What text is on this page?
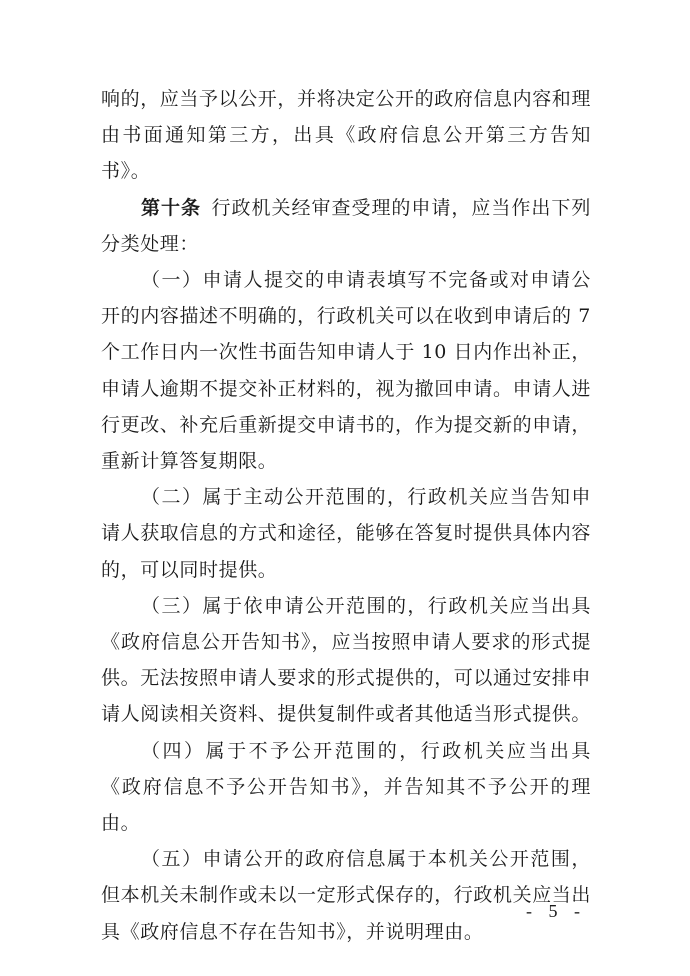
响的，应当予以公开，并将决定公开的政府信息内容和理由书面通知第三方，出具《政府信息公开第三方告知书》。

第十条  行政机关经审查受理的申请，应当作出下列分类处理：

（一）申请人提交的申请表填写不完备或对申请公开的内容描述不明确的，行政机关可以在收到申请后的 7 个工作日内一次性书面告知申请人于 10 日内作出补正，申请人逾期不提交补正材料的，视为撤回申请。申请人进行更改、补充后重新提交申请书的，作为提交新的申请，重新计算答复期限。

（二）属于主动公开范围的，行政机关应当告知申请人获取信息的方式和途径，能够在答复时提供具体内容的，可以同时提供。

（三）属于依申请公开范围的，行政机关应当出具《政府信息公开告知书》，应当按照申请人要求的形式提供。无法按照申请人要求的形式提供的，可以通过安排申请人阅读相关资料、提供复制件或者其他适当形式提供。

（四）属于不予公开范围的，行政机关应当出具《政府信息不予公开告知书》，并告知其不予公开的理由。

（五）申请公开的政府信息属于本机关公开范围，但本机关未制作或未以一定形式保存的，行政机关应当出具《政府信息不存在告知书》，并说明理由。

- 5 -
